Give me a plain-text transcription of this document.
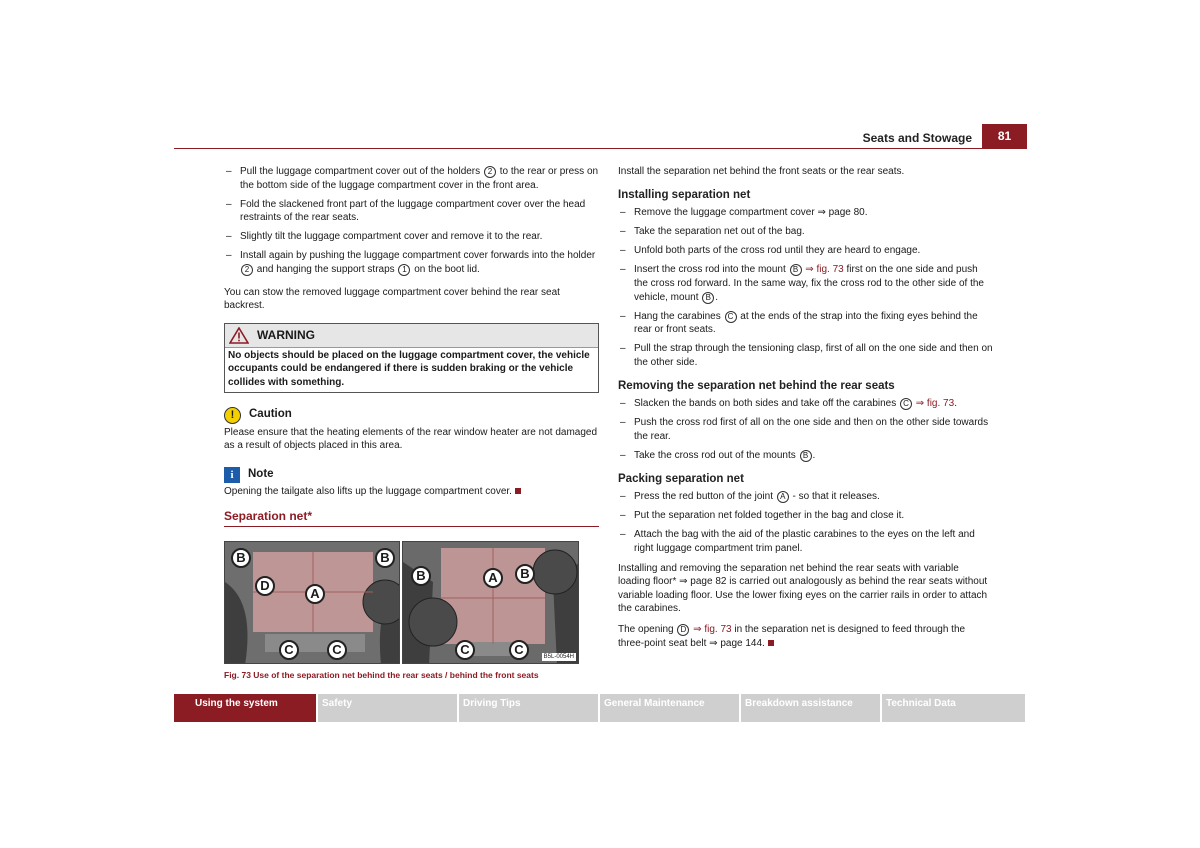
Seats and Stowage	81
– Pull the luggage compartment cover out of the holders 2 to the rear or press on the bottom side of the luggage compartment cover in the front area.
– Fold the slackened front part of the luggage compartment cover over the head restraints of the rear seats.
– Slightly tilt the luggage compartment cover and remove it to the rear.
– Install again by pushing the luggage compartment cover forwards into the holder 2 and hanging the support straps 1 on the boot lid.
You can stow the removed luggage compartment cover behind the rear seat backrest.
WARNING
No objects should be placed on the luggage compartment cover, the vehicle occupants could be endangered if there is sudden braking or the vehicle collides with something.
!	Caution
Please ensure that the heating elements of the rear window heater are not damaged as a result of objects placed in this area.
i	Note
Opening the tailgate also lifts up the luggage compartment cover.
Separation net*
B	B
D
A
C	C
B	B
A
C	C	B5L-0054H
Fig. 73 Use of the separation net behind the rear seats / behind the front seats
Install the separation net behind the front seats or the rear seats.
Installing separation net
– Remove the luggage compartment cover ⇒ page 80.
– Take the separation net out of the bag.
– Unfold both parts of the cross rod until they are heard to engage.
– Insert the cross rod into the mount B ⇒ fig. 73 first on the one side and push the cross rod forward. In the same way, fix the cross rod to the other side of the vehicle, mount B .
– Hang the carabines C at the ends of the strap into the fixing eyes behind the rear or front seats.
– Pull the strap through the tensioning clasp, first of all on the one side and then on the other side.
Removing the separation net behind the rear seats
– Slacken the bands on both sides and take off the carabines C ⇒ fig. 73.
– Push the cross rod first of all on the one side and then on the other side towards the rear.
– Take the cross rod out of the mounts B .
Packing separation net
– Press the red button of the joint A - so that it releases.
– Put the separation net folded together in the bag and close it.
– Attach the bag with the aid of the plastic carabines to the eyes on the left and right luggage compartment trim panel.
Installing and removing the separation net behind the rear seats with variable loading floor* ⇒ page 82 is carried out analogously as behind the rear seats without variable loading floor. Use the lower fixing eyes on the carrier rails in order to attach the carabines.
The opening D ⇒ fig. 73 in the separation net is designed to feed through the three-point seat belt ⇒ page 144.
Using the system	Safety	Driving Tips	General Maintenance	Breakdown assistance	Technical Data
